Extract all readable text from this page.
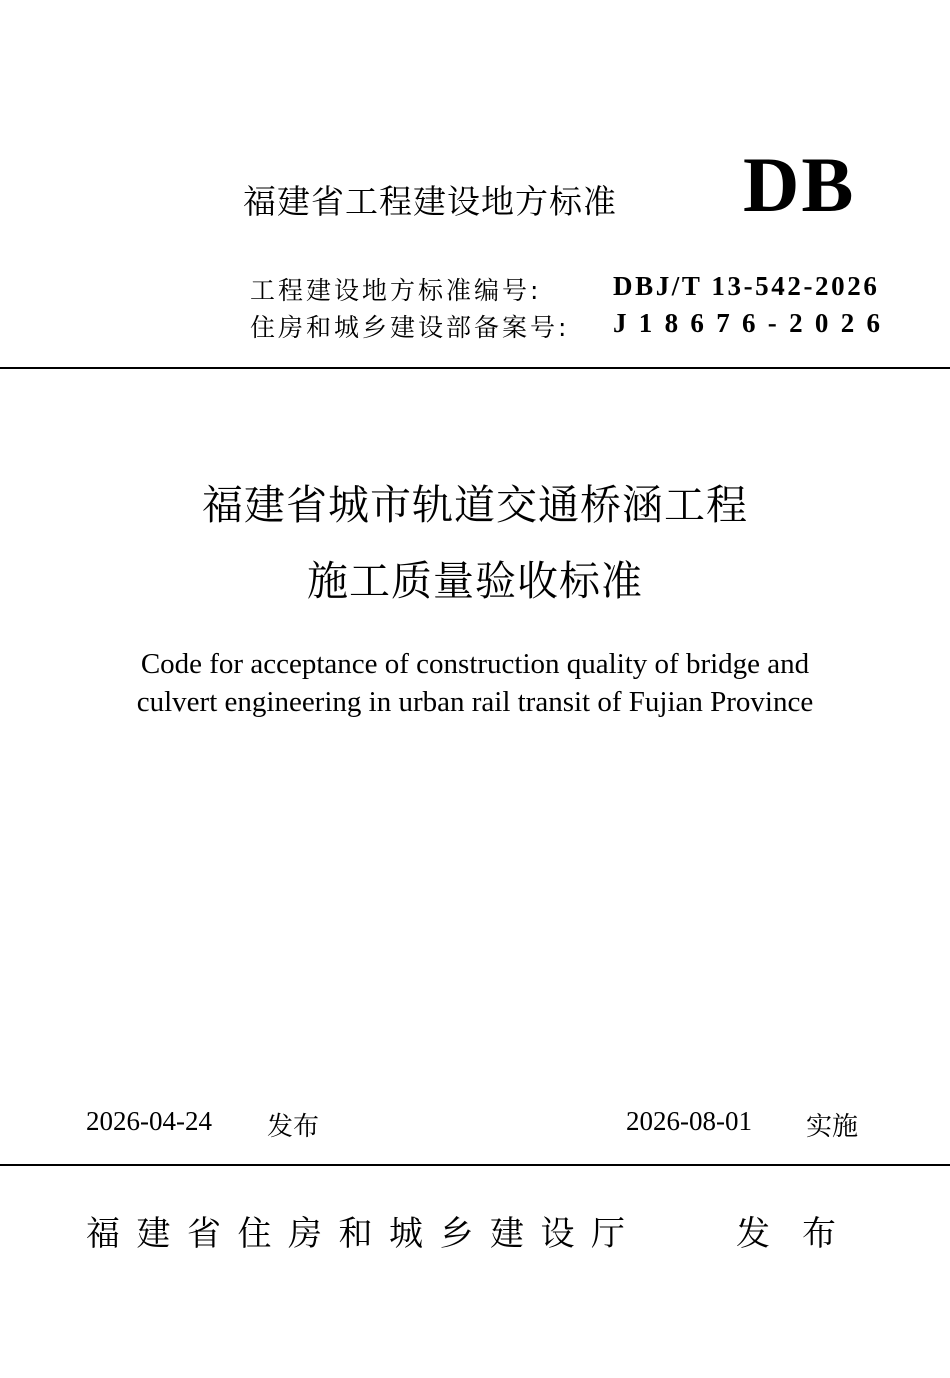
福建省工程建设地方标准 DB
工程建设地方标准编号:	DBJ/T 13-542-2026
住房和城乡建设部备案号: J18676-2026
福建省城市轨道交通桥涵工程
施工质量验收标准
Code for acceptance of construction quality of bridge and
culvert engineering in urban rail transit of Fujian Province
2026-04-24 发布	2026-08-01 实施
福建省住房和城乡建设厅	发布
